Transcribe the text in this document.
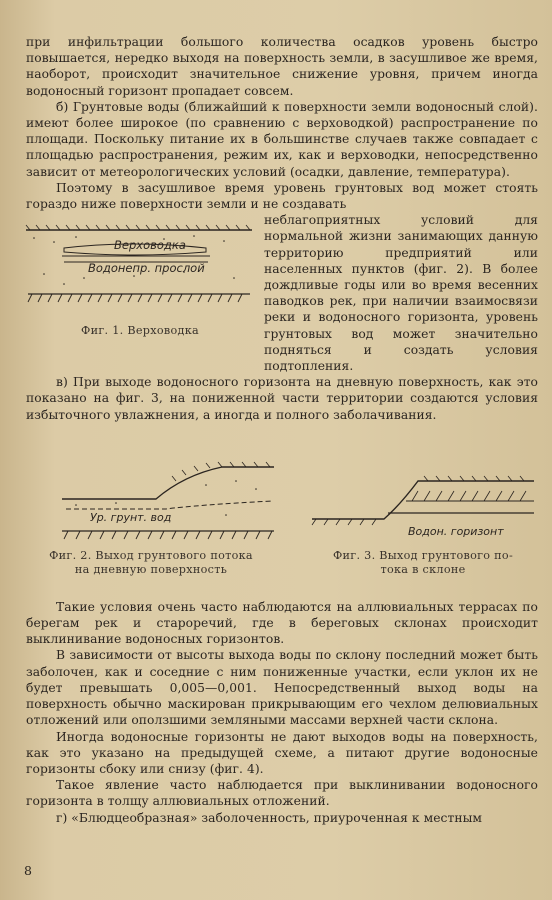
при инфильтрации большого количества осадков уровень быстро повышается, нередко выходя на поверхность земли, в засушливое же время, наоборот, происходит значительное снижение уровня, причем иногда водоносный горизонт пропадает совсем.

б) Грунтовые воды (ближайший к поверхности земли водоносный слой). имеют более широкое (по сравнению с верховодкой) распространение по площади. Поскольку питание их в большинстве случаев также совпадает с площадью распространения, режим их, как и верховодки, непосредственно зависит от метеорологических условий (осадки, давление, температура).

Поэтому в засушливое время уровень грунтовых вод может стоять гораздо ниже поверхности земли и не создавать

Верховодка
Водонепр. прослой
Фиг. 1. Верховодка

неблагоприятных условий для нормальной жизни занимающих данную территорию предприятий или населенных пунктов (фиг. 2). В более дождливые годы или во время весенних паводков рек, при наличии взаимосвязи реки и водоносного горизонта, уровень грунтовых вод может значительно подняться и создать условия подтопления.

в) При выходе водоносного горизонта на дневную поверхность, как это показано на фиг. 3, на пониженной части территории создаются условия избыточного увлажнения, а иногда и полного заболачивания.

Ур. грунт. вод

Фиг. 2. Выход грунтового потока

на дневную поверхность

Водон. горизонт

Фиг. 3. Выход грунтового по-

тока в склоне

Такие условия очень часто наблюдаются на аллювиальных террасах по берегам рек и староречий, где в береговых склонах происходит выклинивание водоносных горизонтов.

В зависимости от высоты выхода воды по склону последний может быть заболочен, как и соседние с ним пониженные участки, если уклон их не будет превышать 0,005—0,001. Непосредственный выход воды на поверхность обычно маскирован прикрывающим его чехлом делювиальных отложений или оползшими земляными массами верхней части склона.

Иногда водоносные горизонты не дают выходов воды на поверхность, как это указано на предыдущей схеме, а питают другие водоносные горизонты сбоку или снизу (фиг. 4).

Такое явление часто наблюдается при выклинивании водоносного горизонта в толщу аллювиальных отложений.

г) «Блюдцеобразная» заболоченность, приуроченная к местным

8
